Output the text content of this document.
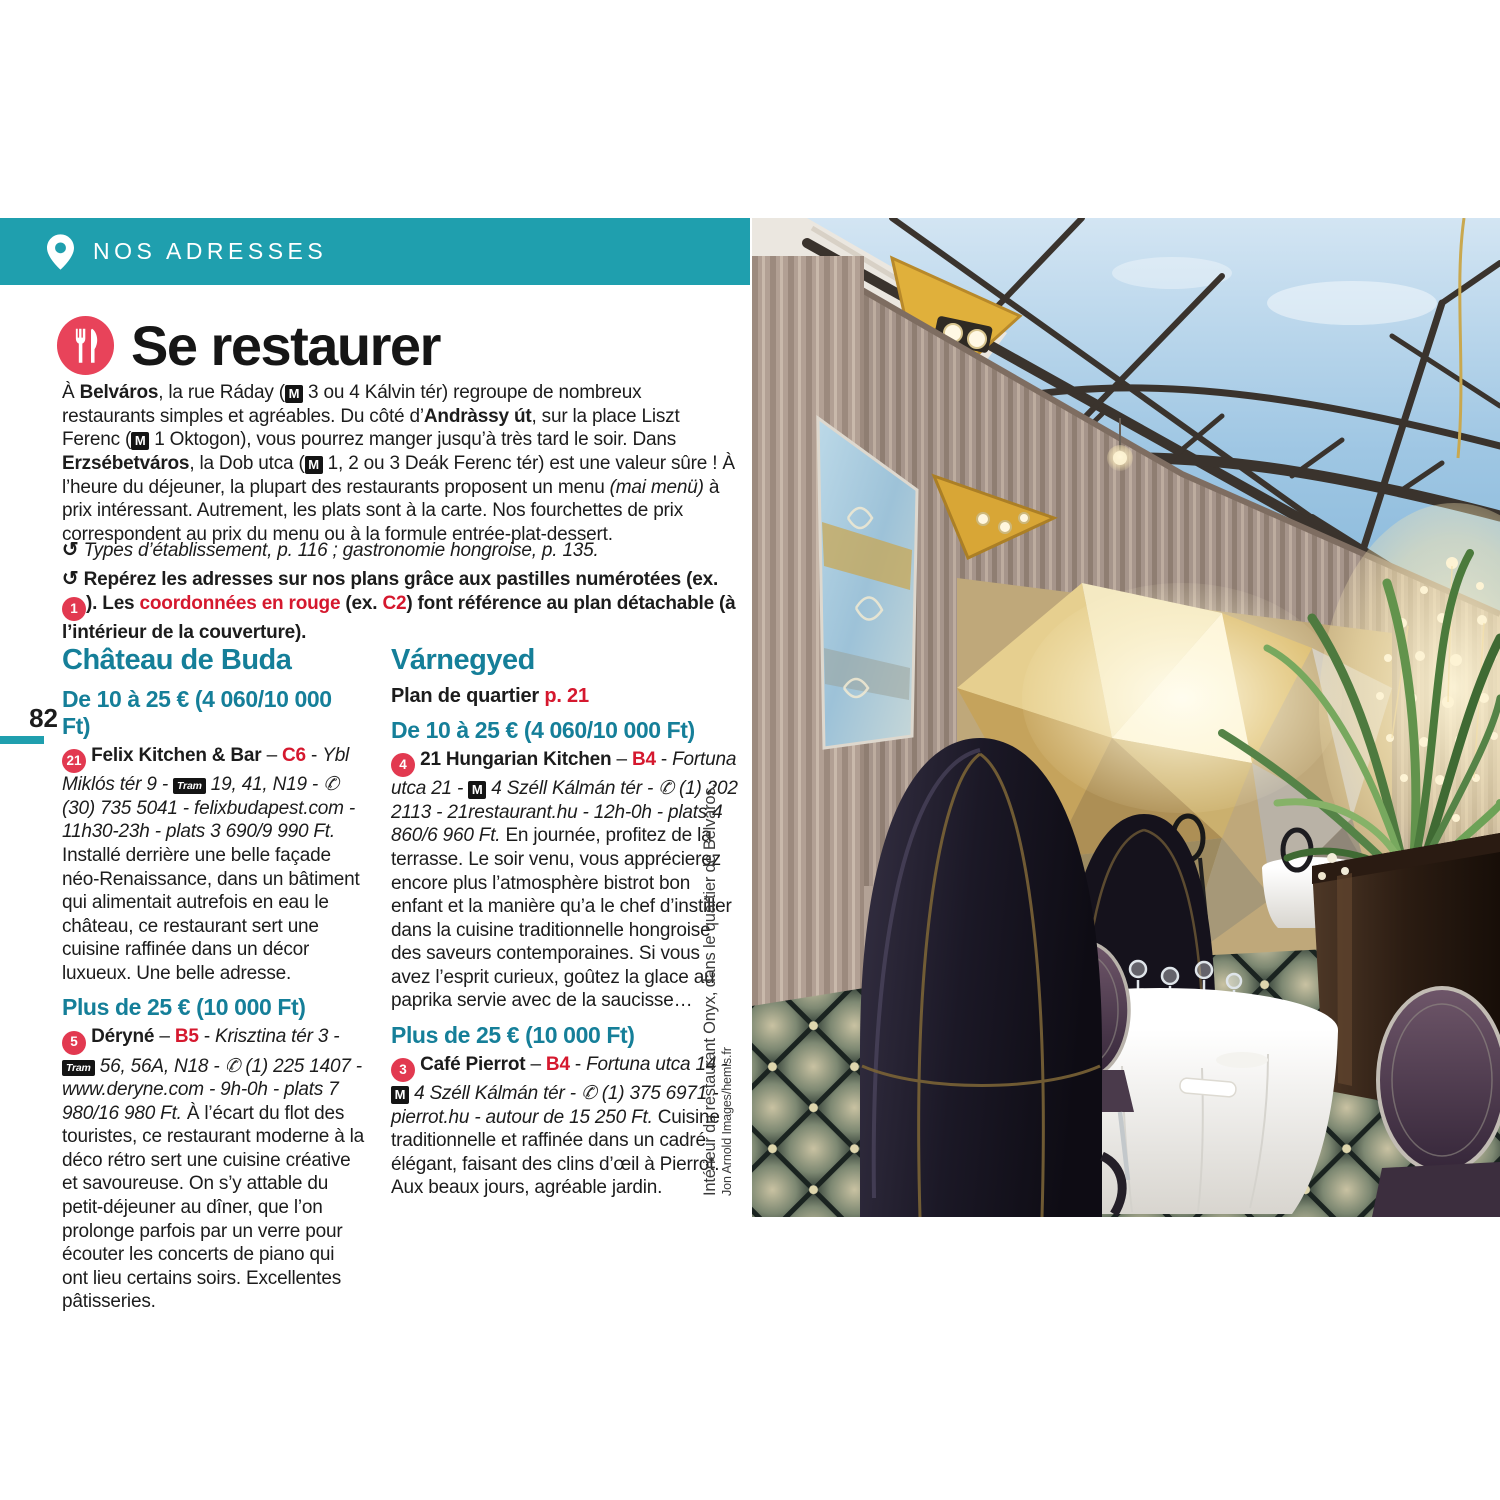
NOS ADRESSES
Se restaurer

À Belváros, la rue Ráday ( M 3 ou 4 Kálvin tér) regroupe de nombreux restaurants simples et agréables. Du côté d’Andràssy út, sur la place Liszt Ferenc ( M 1 Oktogon), vous pourrez manger jusqu’à très tard le soir. Dans Erzsébetváros, la Dob utca ( M 1, 2 ou 3 Deák Ferenc tér) est une valeur sûre ! À l’heure du déjeuner, la plupart des restaurants proposent un menu (mai menü) à prix intéressant. Autrement, les plats sont à la carte. Nos fourchettes de prix correspondent au prix du menu ou à la formule entrée-plat-dessert.

↻ Types d’établissement, p. 116 ; gastronomie hongroise, p. 135.

↻ Repérez les adresses sur nos plans grâce aux pastilles numérotées (ex. 1 ). Les coordonnées en rouge (ex. C2) font référence au plan détachable (à l’intérieur de la couverture).

Château de Buda
De 10 à 25 € (4 060/10 000 Ft)

21 Felix Kitchen & Bar – C6 - Ybl Miklós tér 9 - Tram 19, 41, N19 - ✆ (30) 735 5041 - felixbudapest.com - 11h30-23h - plats 3 690/9 990 Ft. Installé derrière une belle façade néo-Renaissance, dans un bâtiment qui alimentait autrefois en eau le château, ce restaurant sert une cuisine raffinée dans un décor luxueux. Une belle adresse.

Plus de 25 € (10 000 Ft)

5 Déryné – B5 - Krisztina tér 3 - Tram 56, 56A, N18 - ✆ (1) 225 1407 - www.deryne.com - 9h-0h - plats 7 980/16 980 Ft. À l’écart du flot des touristes, ce restaurant moderne à la déco rétro sert une cuisine créative et savoureuse. On s’y attable du petit-déjeuner au dîner, que l’on prolonge parfois par un verre pour écouter les concerts de piano qui ont lieu certains soirs. Excellentes pâtisseries.

Várnegyed

Plan de quartier p. 21

De 10 à 25 € (4 060/10 000 Ft)

4 21 Hungarian Kitchen – B4 - Fortuna utca 21 - M 4 Széll Kálmán tér - ✆ (1) 202 2113 - 21restaurant.hu - 12h-0h - plats 4 860/6 960 Ft. En journée, profitez de la terrasse. Le soir venu, vous apprécierez encore plus l’atmosphère bistrot bon enfant et la manière qu’a le chef d’instiller dans la cuisine traditionnelle hongroise des saveurs contemporaines. Si vous avez l’esprit curieux, goûtez la glace au paprika servie avec de la saucisse…

Plus de 25 € (10 000 Ft)

3 Café Pierrot – B4 - Fortuna utca 14 - M 4 Széll Kálmán tér - ✆ (1) 375 6971 - pierrot.hu - autour de 15 250 Ft. Cuisine traditionnelle et raffinée dans un cadré élégant, faisant des clins d’œil à Pierrot. Aux beaux jours, agréable jardin.

82
Intérieur du restaurant Onyx, dans le quartier de Belváros. Jon Arnold Images/hemis.fr
